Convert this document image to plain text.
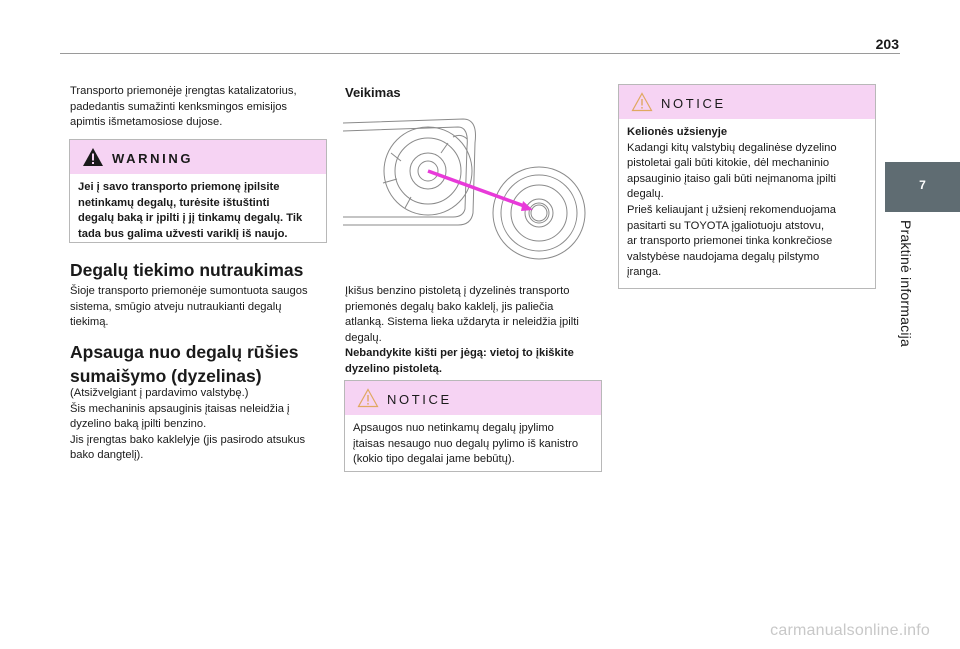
203
7
Praktinė informacija
Transporto priemonėje įrengtas katalizatorius,
padedantis sumažinti kenksmingos emisijos
apimtis išmetamosiose dujose.
WARNING
Jei į savo transporto priemonę įpilsite
netinkamų degalų, turėsite ištuštinti
degalų baką ir įpilti į jį tinkamų degalų. Tik
tada bus galima užvesti variklį iš naujo.
Degalų tiekimo nutraukimas
Šioje transporto priemonėje sumontuota saugos
sistema, smūgio atveju nutraukianti degalų
tiekimą.
Apsauga nuo degalų rūšies
sumaišymo (dyzelinas)
(Atsižvelgiant į pardavimo valstybę.)
Šis mechaninis apsauginis įtaisas neleidžia į
dyzelino baką įpilti benzino.
Jis įrengtas bako kaklelyje (jis pasirodo atsukus
bako dangtelį).
Veikimas
Įkišus benzino pistoletą į dyzelinės transporto
priemonės degalų bako kaklelį, jis paliečia
atlanką. Sistema lieka uždaryta ir neleidžia įpilti
degalų.
Nebandykite kišti per jėgą: vietoj to įkiškite
dyzelino pistoletą.
NOTICE
Apsaugos nuo netinkamų degalų įpylimo
įtaisas nesaugo nuo degalų pylimo iš kanistro
(kokio tipo degalai jame bebūtų).
NOTICE
Kelionės užsienyje
Kadangi kitų valstybių degalinėse dyzelino
pistoletai gali būti kitokie, dėl mechaninio
apsauginio įtaiso gali būti neįmanoma įpilti
degalų.
Prieš keliaujant į užsienį rekomenduojama
pasitarti su TOYOTA įgaliotuoju atstovu,
ar transporto priemonei tinka konkrečiose
valstybėse naudojama degalų pilstymo
įranga.
carmanualsonline.info
